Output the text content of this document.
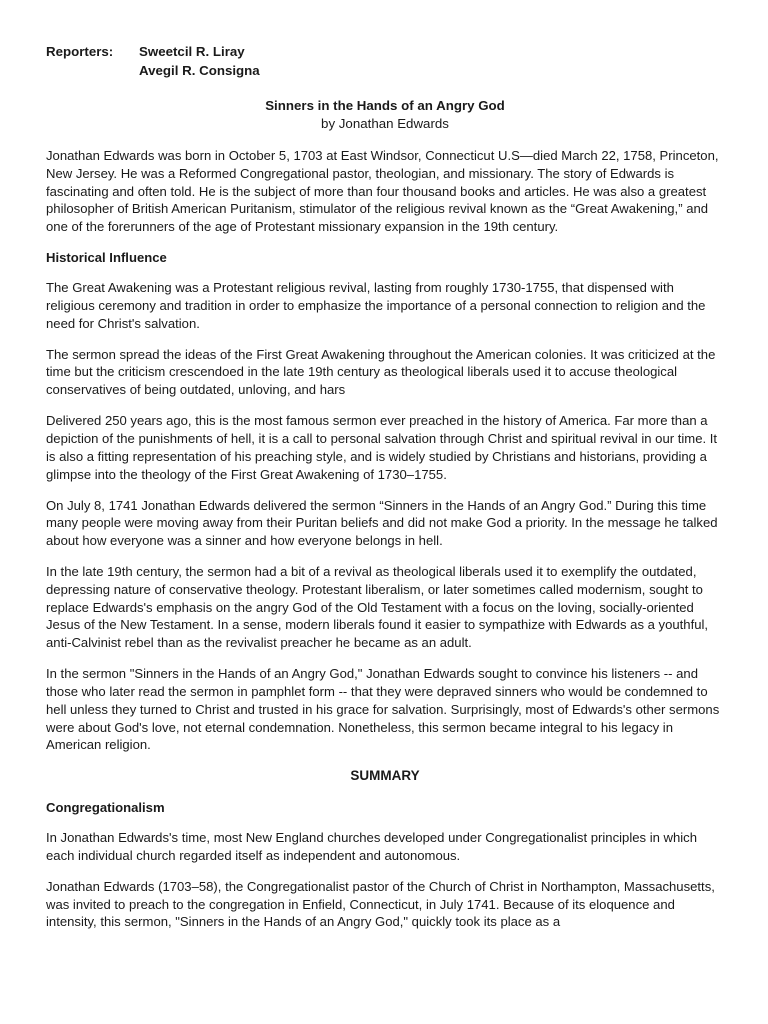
Reporters:	Sweetcil R. Liray
Avegil R. Consigna
Sinners in the Hands of an Angry God
by Jonathan Edwards

Jonathan Edwards was born in October 5, 1703 at East Windsor, Connecticut U.S—died March 22, 1758, Princeton, New Jersey. He was a Reformed Congregational pastor, theologian, and missionary. The story of Edwards is fascinating and often told. He is the subject of more than four thousand books and articles. He was also a greatest philosopher of British American Puritanism, stimulator of the religious revival known as the “Great Awakening,” and one of the forerunners of the age of Protestant missionary expansion in the 19th century.

Historical Influence

The Great Awakening was a Protestant religious revival, lasting from roughly 1730-1755, that dispensed with religious ceremony and tradition in order to emphasize the importance of a personal connection to religion and the need for Christ's salvation.

The sermon spread the ideas of the First Great Awakening throughout the American colonies. It was criticized at the time but the criticism crescendoed in the late 19th century as theological liberals used it to accuse theological conservatives of being outdated, unloving, and hars

Delivered 250 years ago, this is the most famous sermon ever preached in the history of America. Far more than a depiction of the punishments of hell, it is a call to personal salvation through Christ and spiritual revival in our time. It is also a fitting representation of his preaching style, and is widely studied by Christians and historians, providing a glimpse into the theology of the First Great Awakening of 1730–1755.

On July 8, 1741 Jonathan Edwards delivered the sermon “Sinners in the Hands of an Angry God.” During this time many people were moving away from their Puritan beliefs and did not make God a priority. In the message he talked about how everyone was a sinner and how everyone belongs in hell.

In the late 19th century, the sermon had a bit of a revival as theological liberals used it to exemplify the outdated, depressing nature of conservative theology. Protestant liberalism, or later sometimes called modernism, sought to replace Edwards's emphasis on the angry God of the Old Testament with a focus on the loving, socially-oriented Jesus of the New Testament. In a sense, modern liberals found it easier to sympathize with Edwards as a youthful, anti-Calvinist rebel than as the revivalist preacher he became as an adult.

In the sermon "Sinners in the Hands of an Angry God," Jonathan Edwards sought to convince his listeners -- and those who later read the sermon in pamphlet form -- that they were depraved sinners who would be condemned to hell unless they turned to Christ and trusted in his grace for salvation. Surprisingly, most of Edwards's other sermons were about God's love, not eternal condemnation. Nonetheless, this sermon became integral to his legacy in American religion.

SUMMARY
Congregationalism

In Jonathan Edwards's time, most New England churches developed under Congregationalist principles in which each individual church regarded itself as independent and autonomous.

Jonathan Edwards (1703–58), the Congregationalist pastor of the Church of Christ in Northampton, Massachusetts, was invited to preach to the congregation in Enfield, Connecticut, in July 1741. Because of its eloquence and intensity, this sermon, "Sinners in the Hands of an Angry God," quickly took its place as a
